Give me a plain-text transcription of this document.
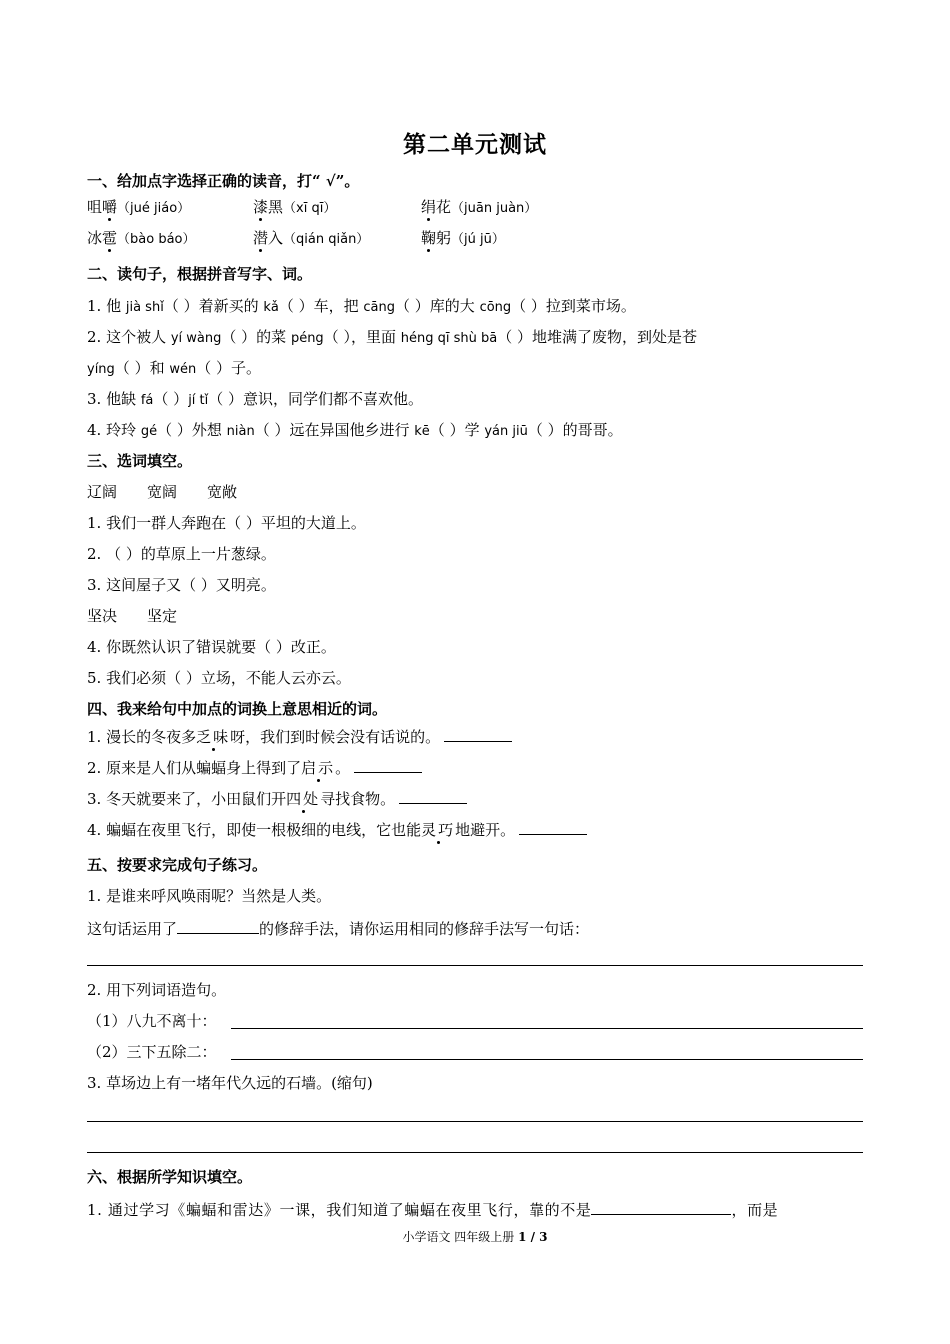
第二单元测试
一、给加点字选择正确的读音，打“ √”。
咀嚼（jué jiáo）	漆黑（xī qī）	绢花（juān juàn）
冰雹（bào báo）	潜入（qián qiǎn）	鞠躬（jú jū）
二、读句子，根据拼音写字、词。
1. 他 jià shǐ（ ）着新买的 kǎ（ ）车，把 cāng（ ）库的大 cōng（ ）拉到菜市场。
2. 这个被人 yí wàng（ ）的菜 péng（ ），里面 héng qī shù bā（ ）地堆满了废物，到处是苍
yíng（ ）和 wén（ ）子。
3. 他缺 fá（ ）jí tǐ（ ）意识，同学们都不喜欢他。
4. 玲玲 gé（ ）外想 niàn（ ）远在异国他乡进行 kē（ ）学 yán jiū（ ）的哥哥。
三、选词填空。
辽阔 宽阔 宽敞
1. 我们一群人奔跑在（ ）平坦的大道上。
2. （ ）的草原上一片葱绿。
3. 这间屋子又（ ）又明亮。
坚决 坚定
4. 你既然认识了错误就要（ ）改正。
5. 我们必须（ ）立场，不能人云亦云。
四、我来给句中加点的词换上意思相近的词。
1. 漫长的冬夜多乏味呀，我们到时候会没有话说的。
2. 原来是人们从蝙蝠身上得到了启示。
3. 冬天就要来了，小田鼠们开四处寻找食物。
4. 蝙蝠在夜里飞行，即使一根极细的电线，它也能灵巧地避开。
五、按要求完成句子练习。
1. 是谁来呼风唤雨呢？当然是人类。
这句话运用了	的修辞手法，请你运用相同的修辞手法写一句话：
2. 用下列词语造句。
（1）八九不离十：
（2）三下五除二：
3. 草场边上有一堵年代久远的石墙。(缩句)
六、根据所学知识填空。
1. 通过学习《蝙蝠和雷达》一课，我们知道了蝙蝠在夜里飞行，靠的不是	，而是
小学语文 四年级上册 1 / 3
